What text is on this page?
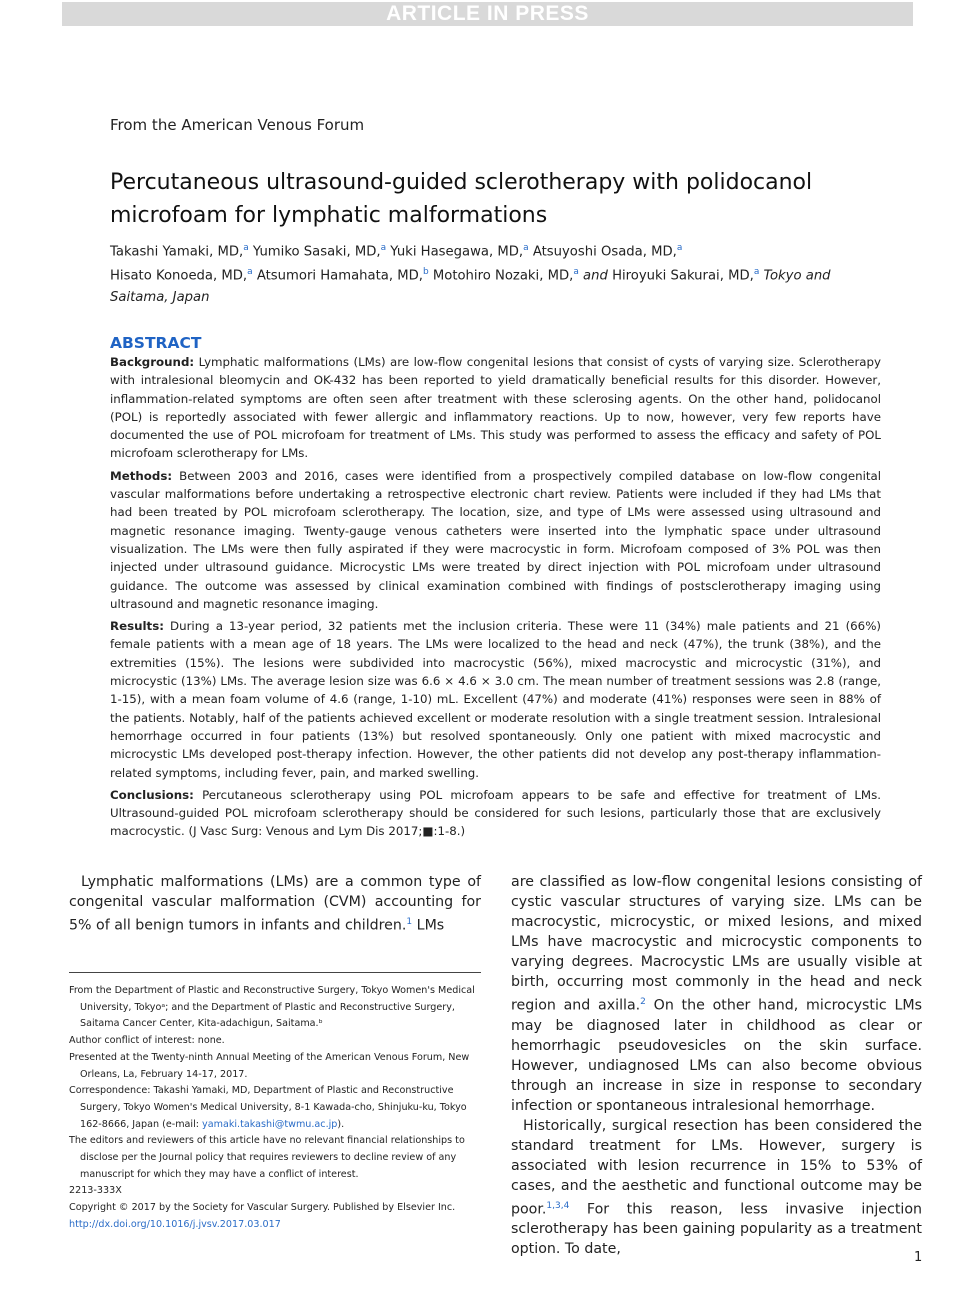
ARTICLE IN PRESS
From the American Venous Forum
Percutaneous ultrasound-guided sclerotherapy with polidocanol microfoam for lymphatic malformations
Takashi Yamaki, MD,$^a$ Yumiko Sasaki, MD,$^a$ Yuki Hasegawa, MD,$^a$ Atsuyoshi Osada, MD,$^a$
Hisato Konoeda, MD,$^a$ Atsumori Hamahata, MD,$^b$ Motohiro Nozaki, MD,$^a$ and Hiroyuki Sakurai, MD,$^a$ Tokyo and Saitama, Japan
ABSTRACT

Background: Lymphatic malformations (LMs) are low-flow congenital lesions that consist of cysts of varying size. Sclerotherapy with intralesional bleomycin and OK-432 has been reported to yield dramatically beneficial results for this disorder. However, inflammation-related symptoms are often seen after treatment with these sclerosing agents. On the other hand, polidocanol (POL) is reportedly associated with fewer allergic and inflammatory reactions. Up to now, however, very few reports have documented the use of POL microfoam for treatment of LMs. This study was performed to assess the efficacy and safety of POL microfoam sclerotherapy for LMs.

Methods: Between 2003 and 2016, cases were identified from a prospectively compiled database on low-flow congenital vascular malformations before undertaking a retrospective electronic chart review. Patients were included if they had LMs that had been treated by POL microfoam sclerotherapy. The location, size, and type of LMs were assessed using ultrasound and magnetic resonance imaging. Twenty-gauge venous catheters were inserted into the lymphatic space under ultrasound visualization. The LMs were then fully aspirated if they were macrocystic in form. Microfoam composed of 3% POL was then injected under ultrasound guidance. Microcystic LMs were treated by direct injection with POL microfoam under ultrasound guidance. The outcome was assessed by clinical examination combined with findings of postsclerotherapy imaging using ultrasound and magnetic resonance imaging.

Results: During a 13-year period, 32 patients met the inclusion criteria. These were 11 (34%) male patients and 21 (66%) female patients with a mean age of 18 years. The LMs were localized to the head and neck (47%), the trunk (38%), and the extremities (15%). The lesions were subdivided into macrocystic (56%), mixed macrocystic and microcystic (31%), and microcystic (13%) LMs. The average lesion size was 6.6 × 4.6 × 3.0 cm. The mean number of treatment sessions was 2.8 (range, 1-15), with a mean foam volume of 4.6 (range, 1-10) mL. Excellent (47%) and moderate (41%) responses were seen in 88% of the patients. Notably, half of the patients achieved excellent or moderate resolution with a single treatment session. Intralesional hemorrhage occurred in four patients (13%) but resolved spontaneously. Only one patient with mixed macrocystic and microcystic LMs developed post-therapy infection. However, the other patients did not develop any post-therapy inflammation-related symptoms, including fever, pain, and marked swelling.

Conclusions: Percutaneous sclerotherapy using POL microfoam appears to be safe and effective for treatment of LMs. Ultrasound-guided POL microfoam sclerotherapy should be considered for such lesions, particularly those that are exclusively macrocystic. (J Vasc Surg: Venous and Lym Dis 2017;■:1-8.)

Lymphatic malformations (LMs) are a common type of congenital vascular malformation (CVM) accounting for 5% of all benign tumors in infants and children.$^1$ LMs

From the Department of Plastic and Reconstructive Surgery, Tokyo Women's Medical University, Tokyoᵃ; and the Department of Plastic and Reconstructive Surgery, Saitama Cancer Center, Kita-adachigun, Saitama.ᵇ

Author conflict of interest: none.

Presented at the Twenty-ninth Annual Meeting of the American Venous Forum, New Orleans, La, February 14-17, 2017.

Correspondence: Takashi Yamaki, MD, Department of Plastic and Reconstructive Surgery, Tokyo Women's Medical University, 8-1 Kawada-cho, Shinjuku-ku, Tokyo 162-8666, Japan (e-mail: yamaki.takashi@twmu.ac.jp).

The editors and reviewers of this article have no relevant financial relationships to disclose per the Journal policy that requires reviewers to decline review of any manuscript for which they may have a conflict of interest.

2213-333X

Copyright © 2017 by the Society for Vascular Surgery. Published by Elsevier Inc.

http://dx.doi.org/10.1016/j.jvsv.2017.03.017

are classified as low-flow congenital lesions consisting of cystic vascular structures of varying size. LMs can be macrocystic, microcystic, or mixed lesions, and mixed LMs have macrocystic and microcystic components to varying degrees. Macrocystic LMs are usually visible at birth, occurring most commonly in the head and neck region and axilla.$^2$ On the other hand, microcystic LMs may be diagnosed later in childhood as clear or hemorrhagic pseudovesicles on the skin surface. However, undiagnosed LMs can also become obvious through an increase in size in response to secondary infection or spontaneous intralesional hemorrhage.

Historically, surgical resection has been considered the standard treatment for LMs. However, surgery is associated with lesion recurrence in 15% to 53% of cases, and the aesthetic and functional outcome may be poor.$^{1,3,4}$ For this reason, less invasive injection sclerotherapy has been gaining popularity as a treatment option. To date,

1
